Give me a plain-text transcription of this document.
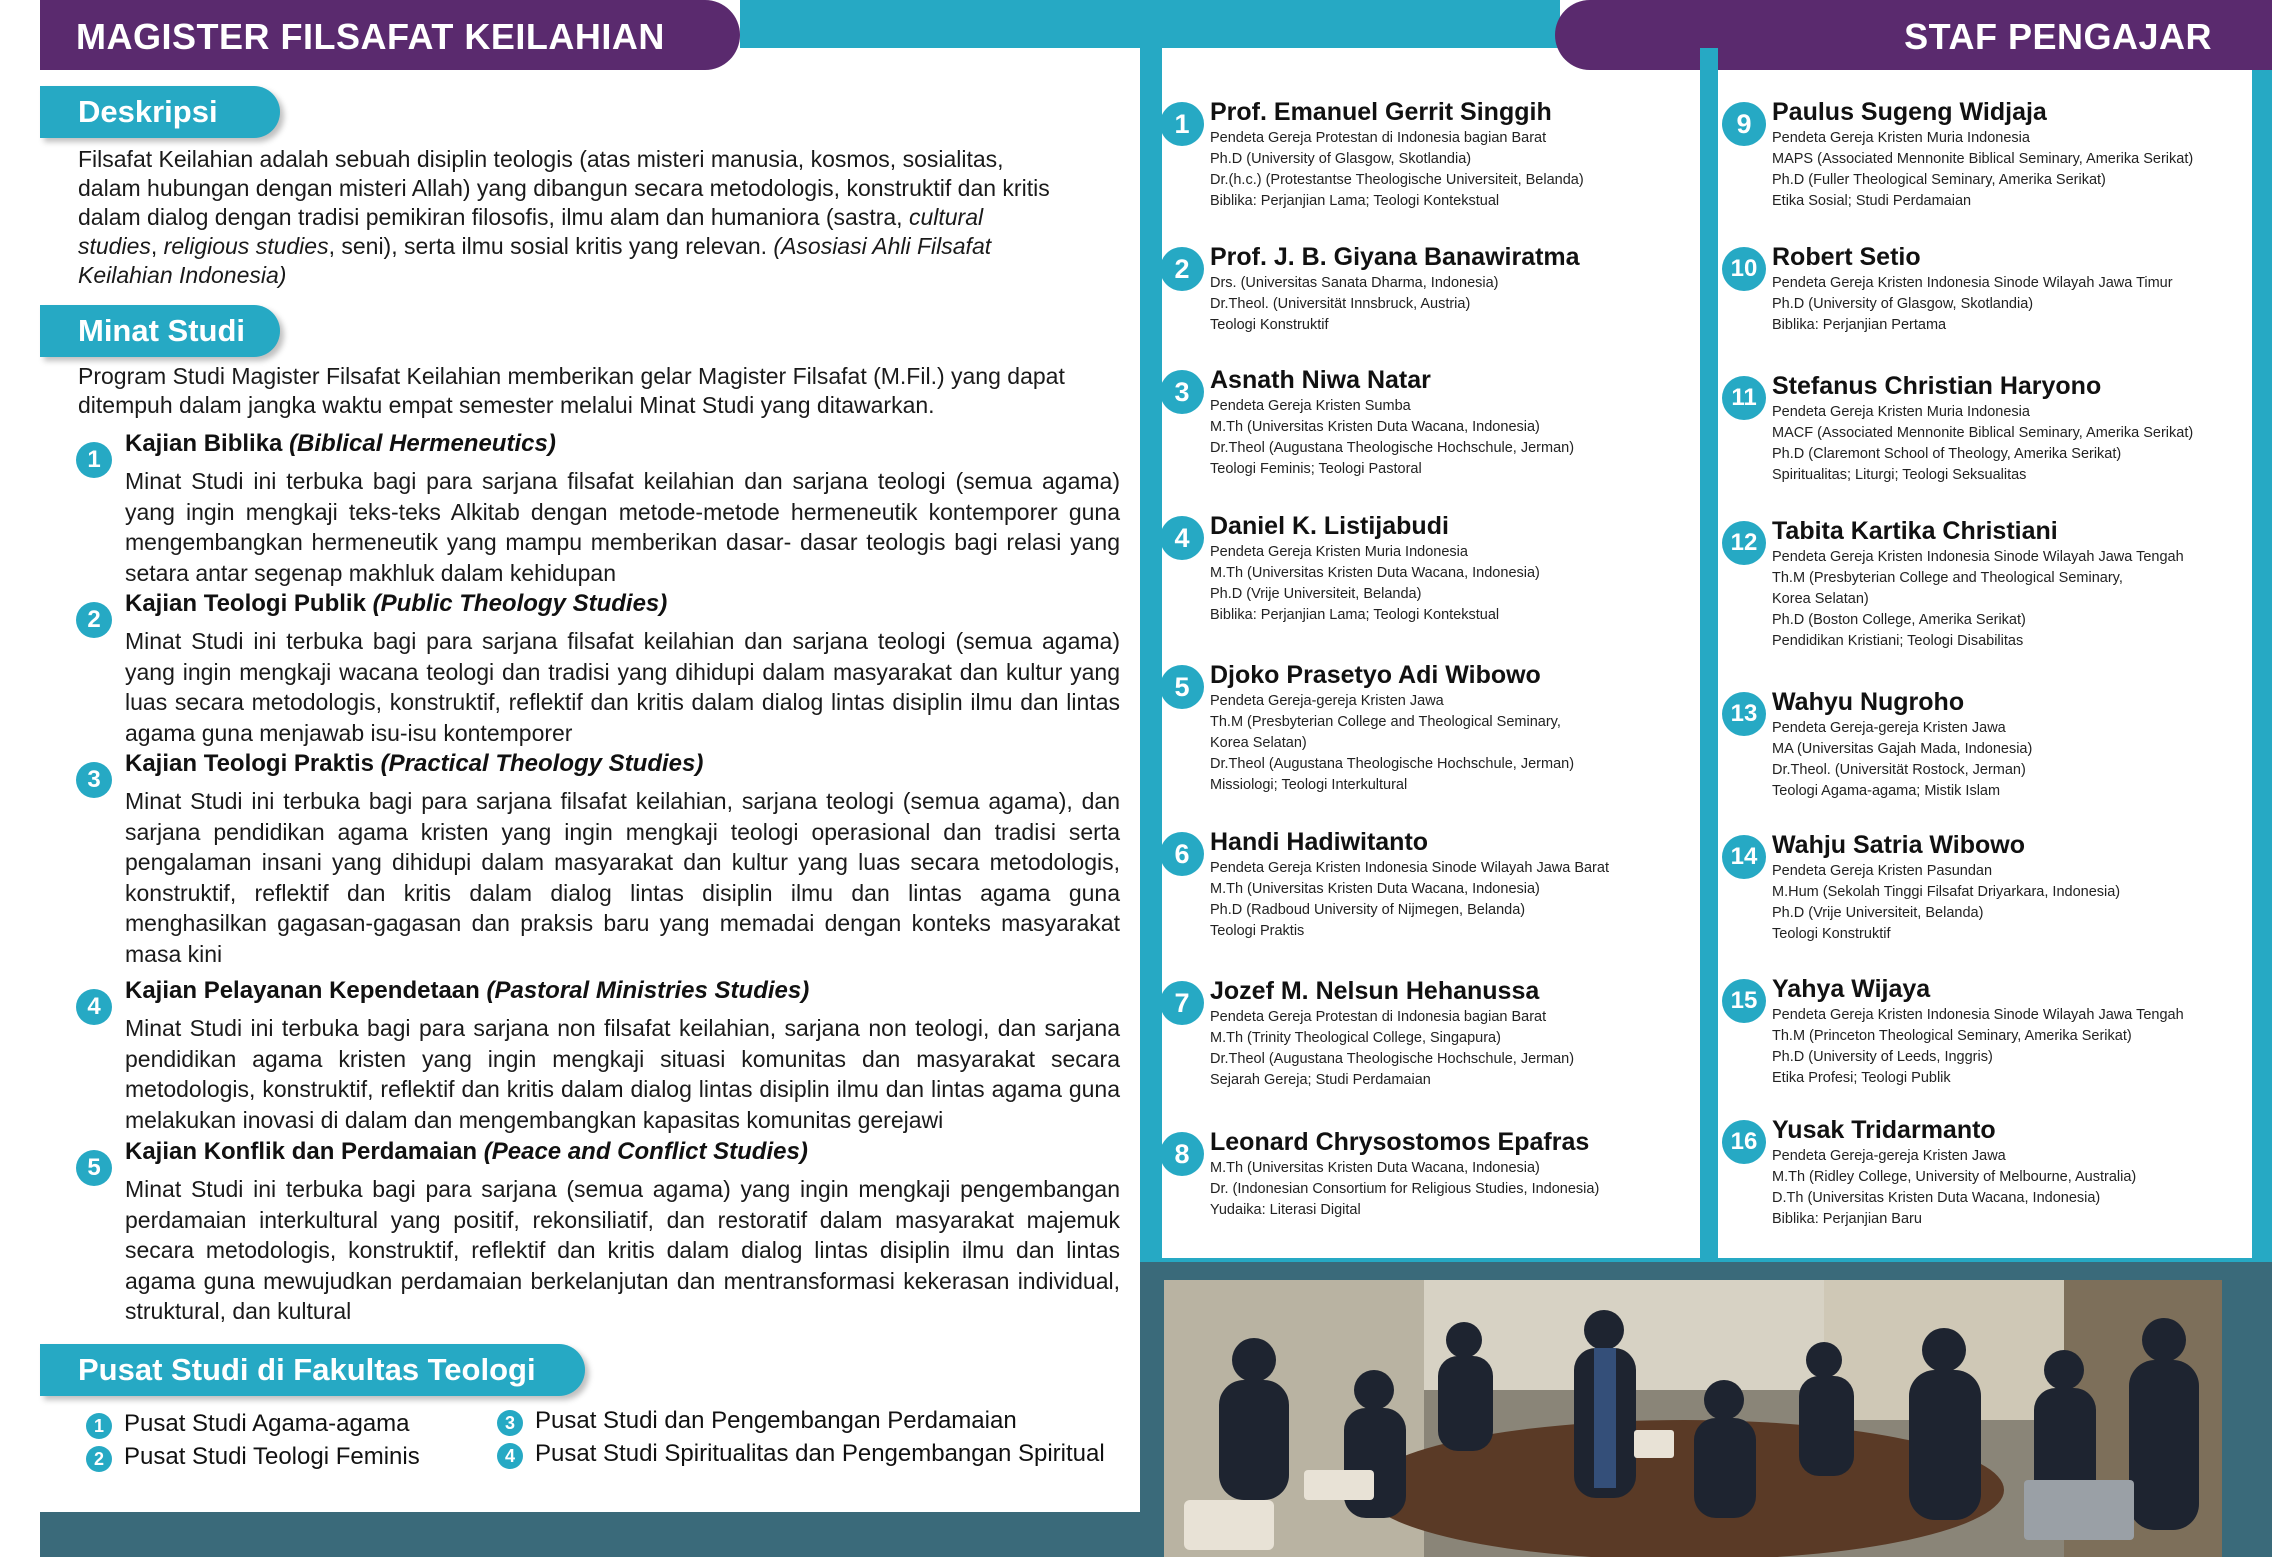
MAGISTER FILSAFAT KEILAHIAN	STAF PENGAJAR
Deskripsi
Filsafat Keilahian adalah sebuah disiplin teologis (atas misteri manusia, kosmos, sosialitas,
dalam hubungan dengan misteri Allah) yang dibangun secara metodologis, konstruktif dan kritis
dalam dialog dengan tradisi pemikiran filosofis, ilmu alam dan humaniora (sastra, cultural
studies, religious studies, seni), serta ilmu sosial kritis yang relevan. (Asosiasi Ahli Filsafat
Keilahian Indonesia)
Minat Studi
Program Studi Magister Filsafat Keilahian memberikan gelar Magister Filsafat (M.Fil.) yang dapat
ditempuh dalam jangka waktu empat semester melalui Minat Studi yang ditawarkan.
1
Kajian Biblika (Biblical Hermeneutics)
Minat Studi ini terbuka bagi para sarjana filsafat keilahian dan sarjana teologi (semua agama)
yang ingin mengkaji teks-teks Alkitab dengan metode-metode hermeneutik kontemporer guna
mengembangkan hermeneutik yang mampu memberikan dasar- dasar teologis bagi relasi yang
setara antar segenap makhluk dalam kehidupan
2
Kajian Teologi Publik (Public Theology Studies)
Minat Studi ini terbuka bagi para sarjana filsafat keilahian dan sarjana teologi (semua agama)
yang ingin mengkaji wacana teologi dan tradisi yang dihidupi dalam masyarakat dan kultur yang
luas secara metodologis, konstruktif, reflektif dan kritis dalam dialog lintas disiplin ilmu dan lintas
agama guna menjawab isu-isu kontemporer
3
Kajian Teologi Praktis (Practical Theology Studies)
Minat Studi ini terbuka bagi para sarjana filsafat keilahian, sarjana teologi (semua agama), dan
sarjana pendidikan agama kristen yang ingin mengkaji teologi operasional dan tradisi serta
pengalaman insani yang dihidupi dalam masyarakat dan kultur yang luas secara metodologis,
konstruktif, reflektif dan kritis dalam dialog lintas disiplin ilmu dan lintas agama guna
menghasilkan gagasan-gagasan dan praksis baru yang memadai dengan konteks masyarakat
masa kini
4
Kajian Pelayanan Kependetaan (Pastoral Ministries Studies)
Minat Studi ini terbuka bagi para sarjana non filsafat keilahian, sarjana non teologi, dan sarjana
pendidikan agama kristen yang ingin mengkaji situasi komunitas dan masyarakat secara
metodologis, konstruktif, reflektif dan kritis dalam dialog lintas disiplin ilmu dan lintas agama guna
melakukan inovasi di dalam dan mengembangkan kapasitas komunitas gerejawi
5
Kajian Konflik dan Perdamaian (Peace and Conflict Studies)
Minat Studi ini terbuka bagi para sarjana (semua agama) yang ingin mengkaji pengembangan
perdamaian interkultural yang positif, rekonsiliatif, dan restoratif dalam masyarakat majemuk
secara metodologis, konstruktif, reflektif dan kritis dalam dialog lintas disiplin ilmu dan lintas
agama guna mewujudkan perdamaian berkelanjutan dan mentransformasi kekerasan individual,
struktural, dan kultural
Pusat Studi di Fakultas Teologi
1 Pusat Studi Agama-agama
2 Pusat Studi Teologi Feminis
3 Pusat Studi dan Pengembangan Perdamaian
4 Pusat Studi Spiritualitas dan Pengembangan Spiritual
1 Prof. Emanuel Gerrit Singgih
Pendeta Gereja Protestan di Indonesia bagian Barat
Ph.D (University of Glasgow, Skotlandia)
Dr.(h.c.) (Protestantse Theologische Universiteit, Belanda)
Biblika: Perjanjian Lama; Teologi Kontekstual
2 Prof. J. B. Giyana Banawiratma
Drs. (Universitas Sanata Dharma, Indonesia)
Dr.Theol. (Universität Innsbruck, Austria)
Teologi Konstruktif
3 Asnath Niwa Natar
Pendeta Gereja Kristen Sumba
M.Th (Universitas Kristen Duta Wacana, Indonesia)
Dr.Theol (Augustana Theologische Hochschule, Jerman)
Teologi Feminis; Teologi Pastoral
4 Daniel K. Listijabudi
Pendeta Gereja Kristen Muria Indonesia
M.Th (Universitas Kristen Duta Wacana, Indonesia)
Ph.D (Vrije Universiteit, Belanda)
Biblika: Perjanjian Lama; Teologi Kontekstual
5 Djoko Prasetyo Adi Wibowo
Pendeta Gereja-gereja Kristen Jawa
Th.M (Presbyterian College and Theological Seminary,
Korea Selatan)
Dr.Theol (Augustana Theologische Hochschule, Jerman)
Missiologi; Teologi Interkultural
6 Handi Hadiwitanto
Pendeta Gereja Kristen Indonesia Sinode Wilayah Jawa Barat
M.Th (Universitas Kristen Duta Wacana, Indonesia)
Ph.D (Radboud University of Nijmegen, Belanda)
Teologi Praktis
7 Jozef M. Nelsun Hehanussa
Pendeta Gereja Protestan di Indonesia bagian Barat
M.Th (Trinity Theological College, Singapura)
Dr.Theol (Augustana Theologische Hochschule, Jerman)
Sejarah Gereja; Studi Perdamaian
8 Leonard Chrysostomos Epafras
M.Th (Universitas Kristen Duta Wacana, Indonesia)
Dr. (Indonesian Consortium for Religious Studies, Indonesia)
Yudaika: Literasi Digital
9 Paulus Sugeng Widjaja
Pendeta Gereja Kristen Muria Indonesia
MAPS (Associated Mennonite Biblical Seminary, Amerika Serikat)
Ph.D (Fuller Theological Seminary, Amerika Serikat)
Etika Sosial; Studi Perdamaian
10 Robert Setio
Pendeta Gereja Kristen Indonesia Sinode Wilayah Jawa Timur
Ph.D (University of Glasgow, Skotlandia)
Biblika: Perjanjian Pertama
11 Stefanus Christian Haryono
Pendeta Gereja Kristen Muria Indonesia
MACF (Associated Mennonite Biblical Seminary, Amerika Serikat)
Ph.D (Claremont School of Theology, Amerika Serikat)
Spiritualitas; Liturgi; Teologi Seksualitas
12 Tabita Kartika Christiani
Pendeta Gereja Kristen Indonesia Sinode Wilayah Jawa Tengah
Th.M (Presbyterian College and Theological Seminary,
Korea Selatan)
Ph.D (Boston College, Amerika Serikat)
Pendidikan Kristiani; Teologi Disabilitas
13 Wahyu Nugroho
Pendeta Gereja-gereja Kristen Jawa
MA (Universitas Gajah Mada, Indonesia)
Dr.Theol. (Universität Rostock, Jerman)
Teologi Agama-agama; Mistik Islam
14 Wahju Satria Wibowo
Pendeta Gereja Kristen Pasundan
M.Hum (Sekolah Tinggi Filsafat Driyarkara, Indonesia)
Ph.D (Vrije Universiteit, Belanda)
Teologi Konstruktif
15 Yahya Wijaya
Pendeta Gereja Kristen Indonesia Sinode Wilayah Jawa Tengah
Th.M (Princeton Theological Seminary, Amerika Serikat)
Ph.D (University of Leeds, Inggris)
Etika Profesi; Teologi Publik
16 Yusak Tridarmanto
Pendeta Gereja-gereja Kristen Jawa
M.Th (Ridley College, University of Melbourne, Australia)
D.Th (Universitas Kristen Duta Wacana, Indonesia)
Biblika: Perjanjian Baru
